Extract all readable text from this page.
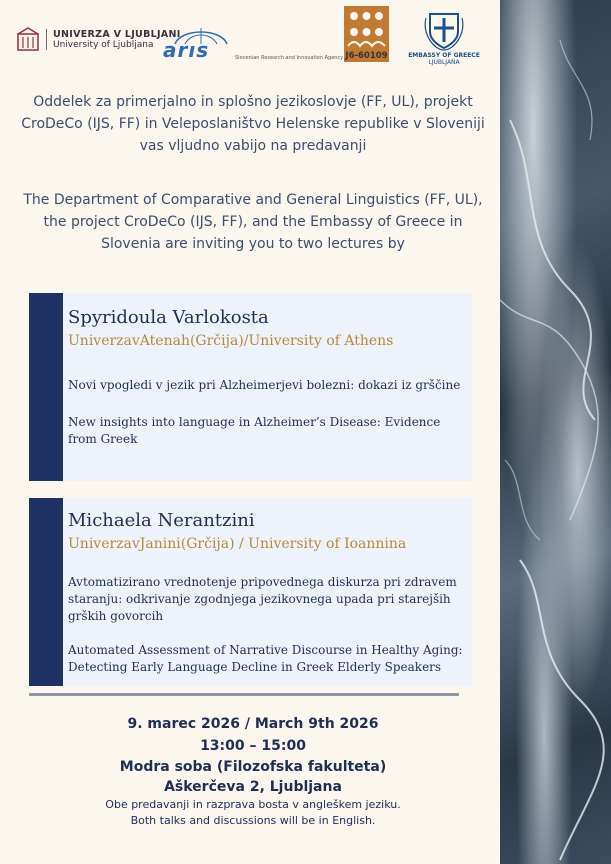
UNIVERZA V LJUBLJANI
University of Ljubljana arıs	Slovenian Research and Innovation Agency J6-60109	EMBASSY OF GREECE
LJUBLJANA
Oddelek za primerjalno in splošno jezikoslovje (FF, UL), projekt CroDeCo (IJS, FF) in Veleposlaništvo Helenske republike v Sloveniji vas vljudno vabijo na predavanji
The Department of Comparative and General Linguistics (FF, UL), the project CroDeCo (IJS, FF), and the Embassy of Greece in Slovenia are inviting you to two lectures by
Spyridoula Varlokosta
UniverzavAtenah(Grčija)/University of Athens
Novi vpogledi v jezik pri Alzheimerjevi bolezni: dokazi iz grščine
New insights into language in Alzheimer’s Disease: Evidence from Greek
Michaela Nerantzini
UniverzavJanini(Grčija) / University of Ioannina
Avtomatizirano vrednotenje pripovednega diskurza pri zdravem staranju: odkrivanje zgodnjega jezikovnega upada pri starejših grških govorcih
Automated Assessment of Narrative Discourse in Healthy Aging: Detecting Early Language Decline in Greek Elderly Speakers
9. marec 2026 / March 9th 2026
13:00 – 15:00
Modra soba (Filozofska fakulteta)
Aškerčeva 2, Ljubljana
Obe predavanji in razprava bosta v angleškem jeziku.
Both talks and discussions will be in English.
